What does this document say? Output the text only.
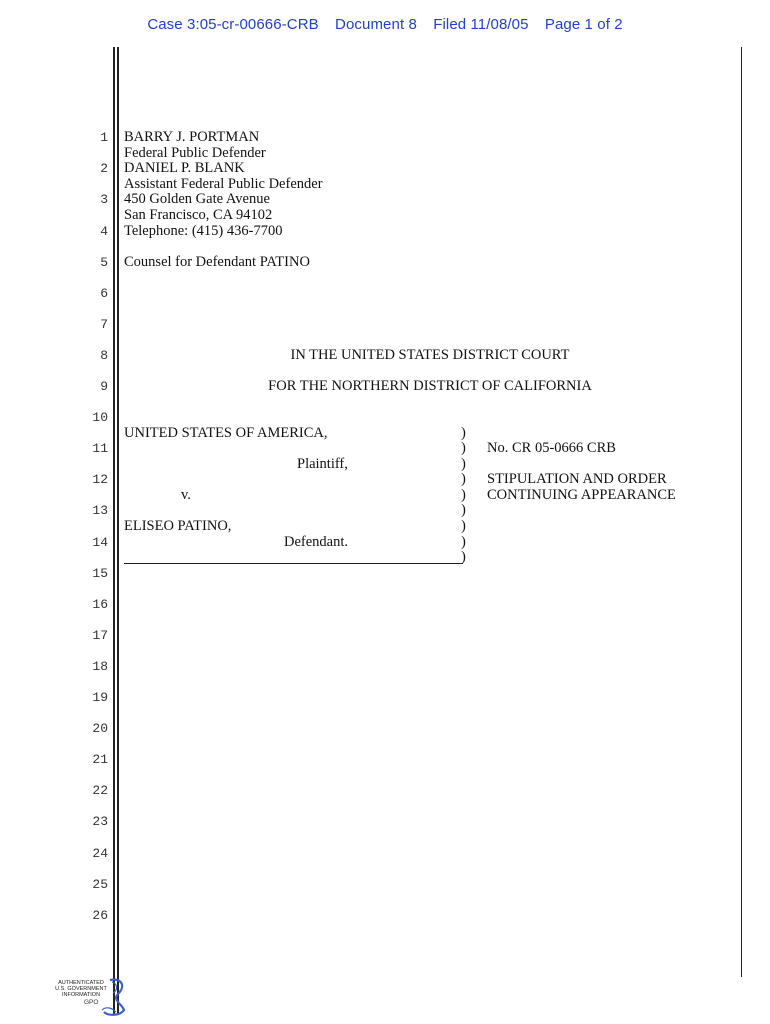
Case 3:05-cr-00666-CRB Document 8 Filed 11/08/05 Page 1 of 2
1
2
3
4
5
6
7
8
9
10
11
12
13
14
15
16
17
18
19
20
21
22
23
24
25
26
BARRY J. PORTMAN
Federal Public Defender
DANIEL P. BLANK
Assistant Federal Public Defender
450 Golden Gate Avenue
San Francisco, CA 94102
Telephone: (415) 436-7700
Counsel for Defendant PATINO
IN THE UNITED STATES DISTRICT COURT
FOR THE NORTHERN DISTRICT OF CALIFORNIA
UNITED STATES OF AMERICA,
Plaintiff,
v.
ELISEO PATINO,
Defendant.
)
)
)
)
)
)
)
)
)
No. CR 05-0666 CRB
STIPULATION AND ORDER
CONTINUING APPEARANCE
AUTHENTICATED
U.S. GOVERNMENT
INFORMATION
GPO
